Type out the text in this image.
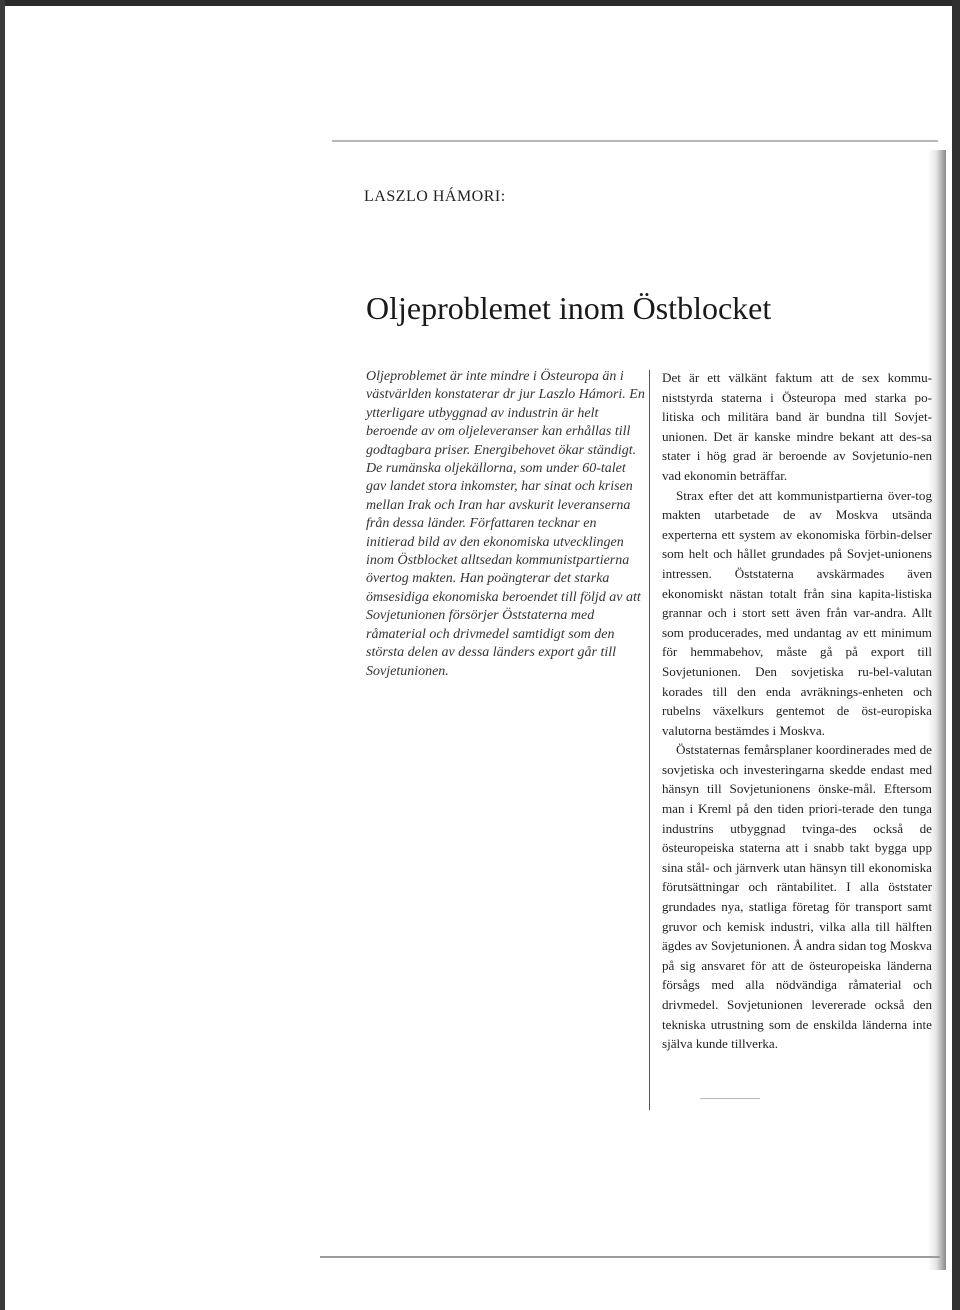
LASZLO HÁMORI:
Oljeproblemet inom Östblocket

Oljeproblemet är inte mindre i Östeuropa än i västvärlden konstaterar dr jur Laszlo Hámori. En ytterligare utbyggnad av industrin är helt beroende av om oljeleveranser kan erhållas till godtagbara priser. Energibehovet ökar ständigt. De rumänska oljekällorna, som under 60-talet gav landet stora inkomster, har sinat och krisen mellan Irak och Iran har avskurit leveranserna från dessa länder. Författaren tecknar en initierad bild av den ekonomiska utvecklingen inom Östblocket alltsedan kommunistpartierna övertog makten. Han poängterar det starka ömsesidiga ekonomiska beroendet till följd av att Sovjetunionen försörjer Öststaterna med råmaterial och drivmedel samtidigt som den största delen av dessa länders export går till Sovjetunionen.

Det är ett välkänt faktum att de sex kommu-niststyrda staterna i Östeuropa med starka po-litiska och militära band är bundna till Sovjet-unionen. Det är kanske mindre bekant att des-sa stater i hög grad är beroende av Sovjetunio-nen vad ekonomin beträffar.

Strax efter det att kommunistpartierna över-tog makten utarbetade de av Moskva utsända experterna ett system av ekonomiska förbin-delser som helt och hållet grundades på Sovjet-unionens intressen. Öststaterna avskärmades även ekonomiskt nästan totalt från sina kapita-listiska grannar och i stort sett även från var-andra. Allt som producerades, med undantag av ett minimum för hemmabehov, måste gå på export till Sovjetunionen. Den sovjetiska ru-bel-valutan korades till den enda avräknings-enheten och rubelns växelkurs gentemot de öst-europiska valutorna bestämdes i Moskva.

Öststaternas femårsplaner koordinerades med de sovjetiska och investeringarna skedde endast med hänsyn till Sovjetunionens önske-mål. Eftersom man i Kreml på den tiden priori-terade den tunga industrins utbyggnad tvinga-des också de östeuropeiska staterna att i snabb takt bygga upp sina stål- och järnverk utan hänsyn till ekonomiska förutsättningar och räntabilitet. I alla öststater grundades nya, statliga företag för transport samt gruvor och kemisk industri, vilka alla till hälften ägdes av Sovjetunionen. Å andra sidan tog Moskva på sig ansvaret för att de östeuropeiska länderna försågs med alla nödvändiga råmaterial och drivmedel. Sovjetunionen levererade också den tekniska utrustning som de enskilda länderna inte själva kunde tillverka.
